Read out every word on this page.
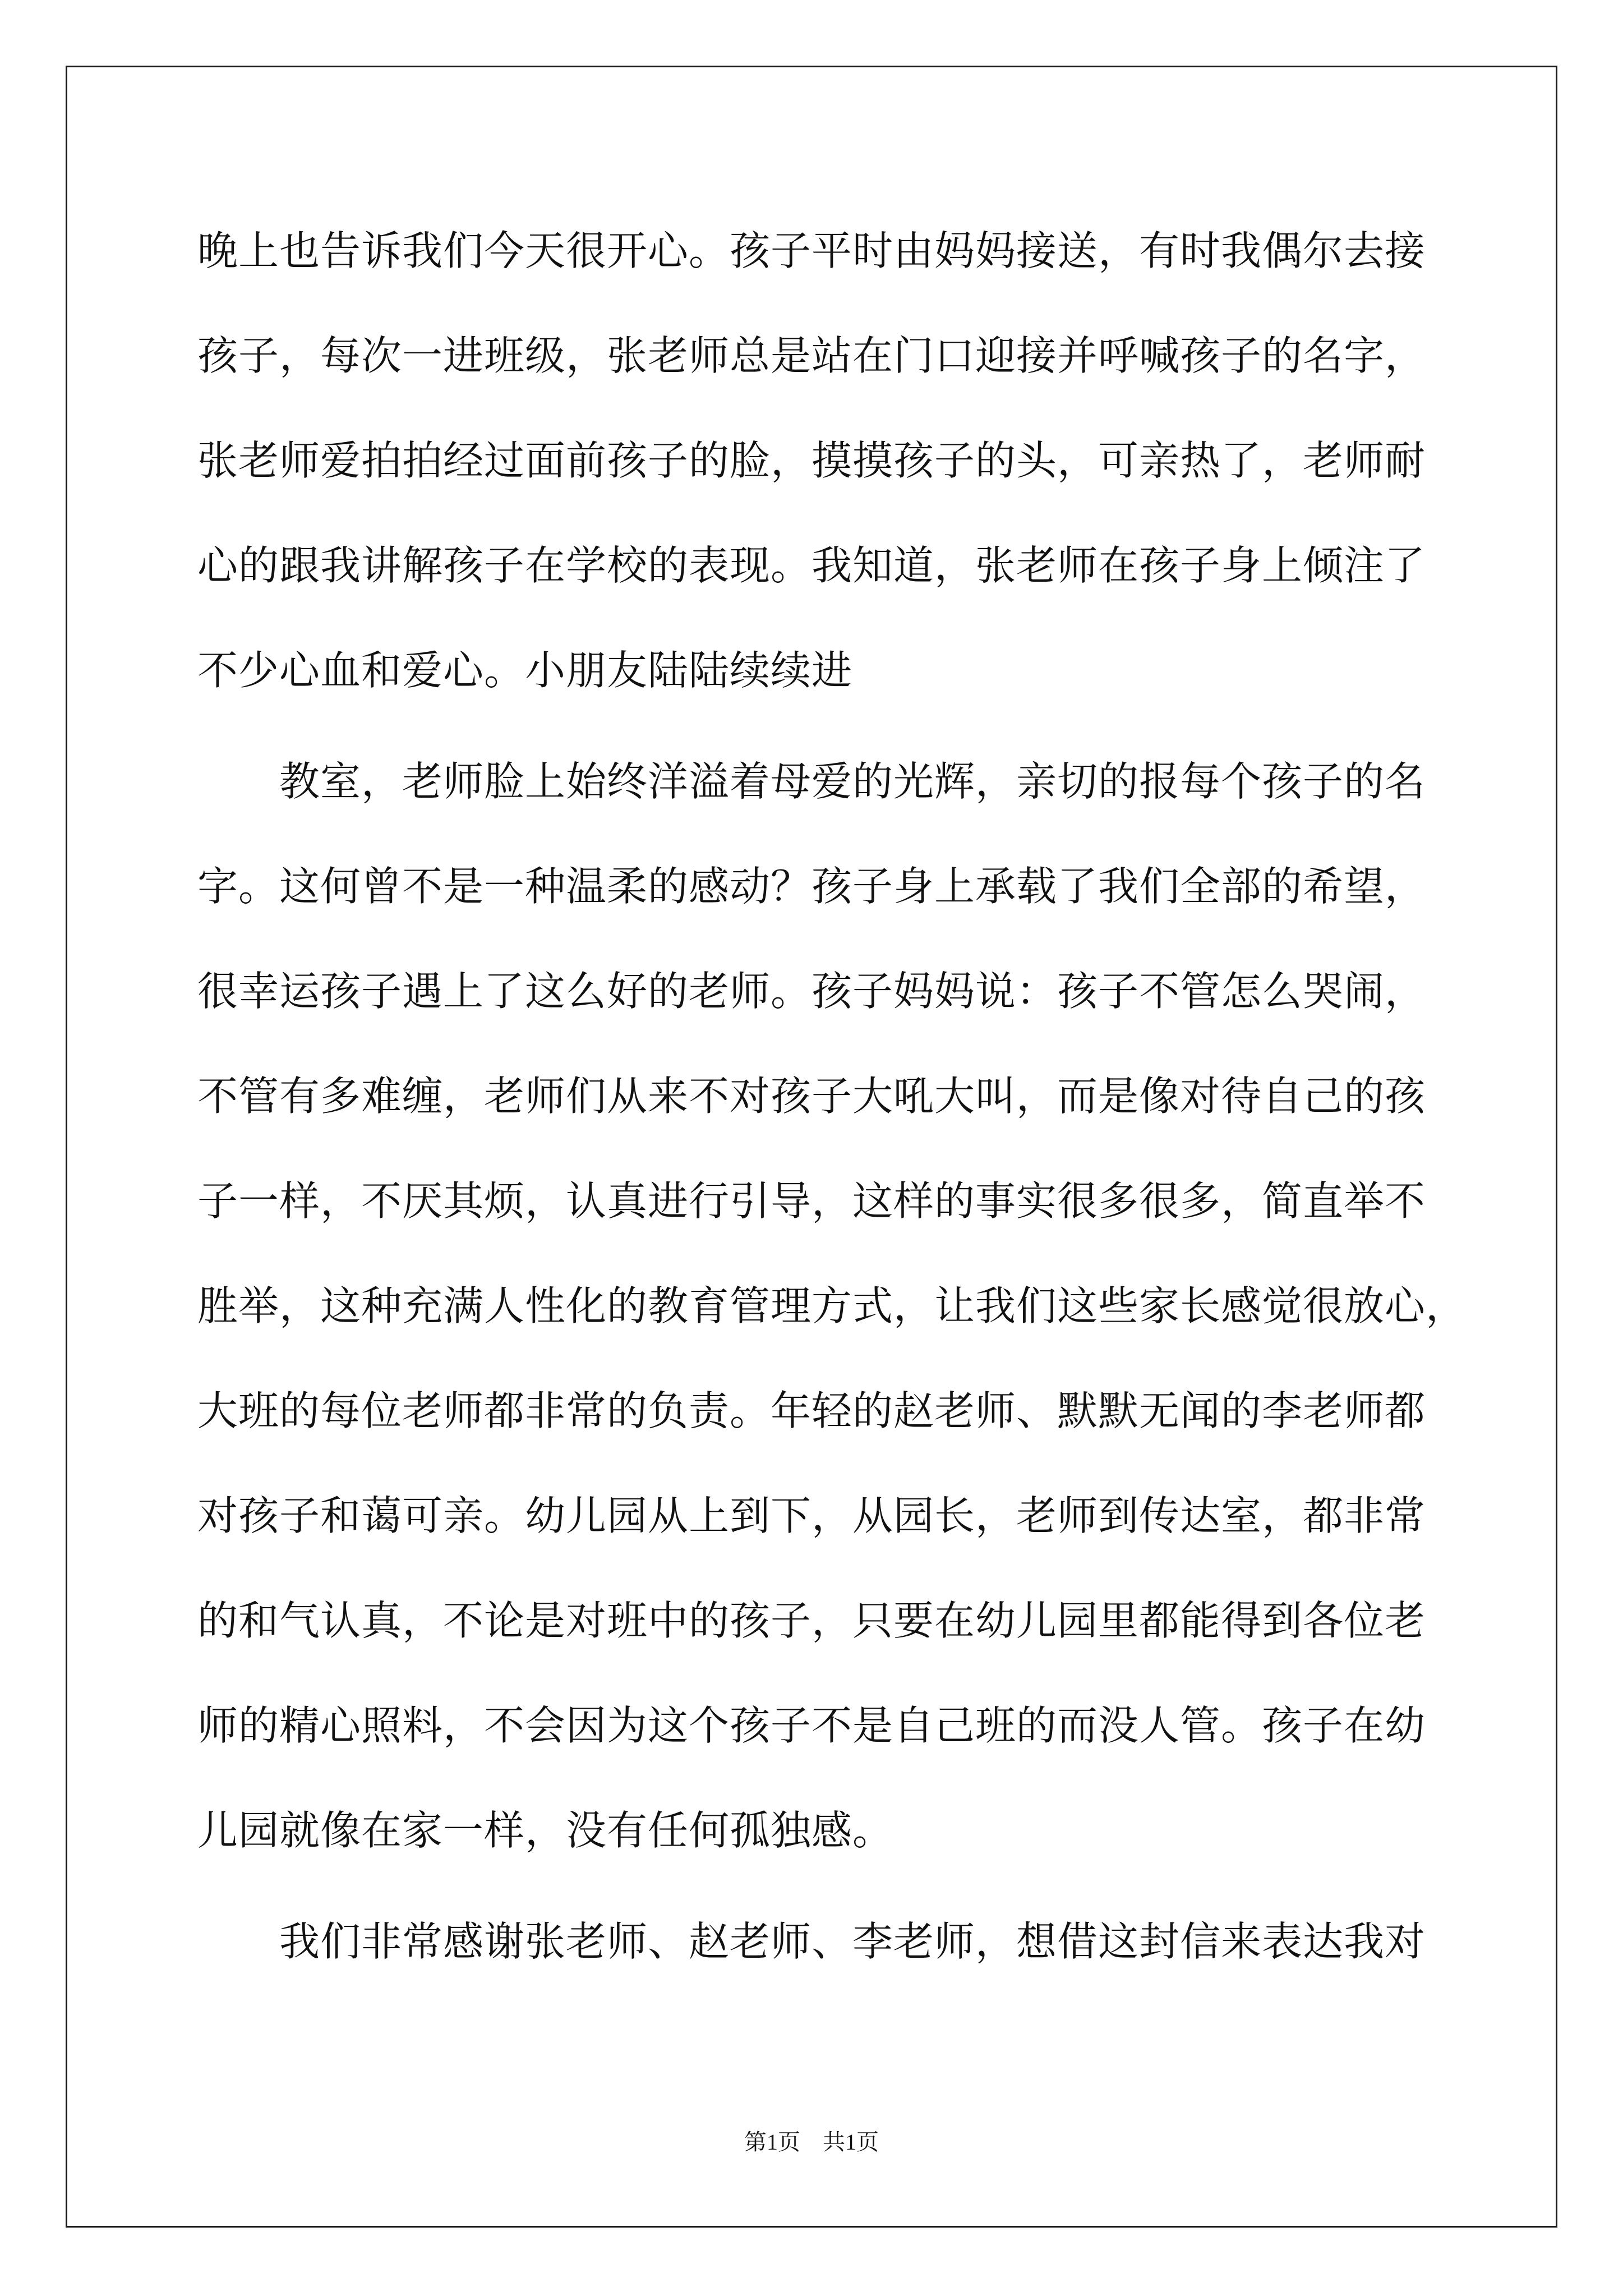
晚上也告诉我们今天很开心。孩子平时由妈妈接送，有时我偶尔去接
孩子，每次一进班级，张老师总是站在门口迎接并呼喊孩子的名字，
张老师爱拍拍经过面前孩子的脸，摸摸孩子的头，可亲热了，老师耐
心的跟我讲解孩子在学校的表现。我知道，张老师在孩子身上倾注了
不少心血和爱心。小朋友陆陆续续进
教室，老师脸上始终洋溢着母爱的光辉，亲切的报每个孩子的名
字。这何曾不是一种温柔的感动？孩子身上承载了我们全部的希望，
很幸运孩子遇上了这么好的老师。孩子妈妈说：孩子不管怎么哭闹，
不管有多难缠，老师们从来不对孩子大吼大叫，而是像对待自己的孩
子一样，不厌其烦，认真进行引导，这样的事实很多很多，简直举不
胜举，这种充满人性化的教育管理方式，让我们这些家长感觉很放心，
大班的每位老师都非常的负责。年轻的赵老师、默默无闻的李老师都
对孩子和蔼可亲。幼儿园从上到下，从园长，老师到传达室，都非常
的和气认真，不论是对班中的孩子，只要在幼儿园里都能得到各位老
师的精心照料，不会因为这个孩子不是自己班的而没人管。孩子在幼
儿园就像在家一样，没有任何孤独感。
我们非常感谢张老师、赵老师、李老师，想借这封信来表达我对
第1页　共1页
